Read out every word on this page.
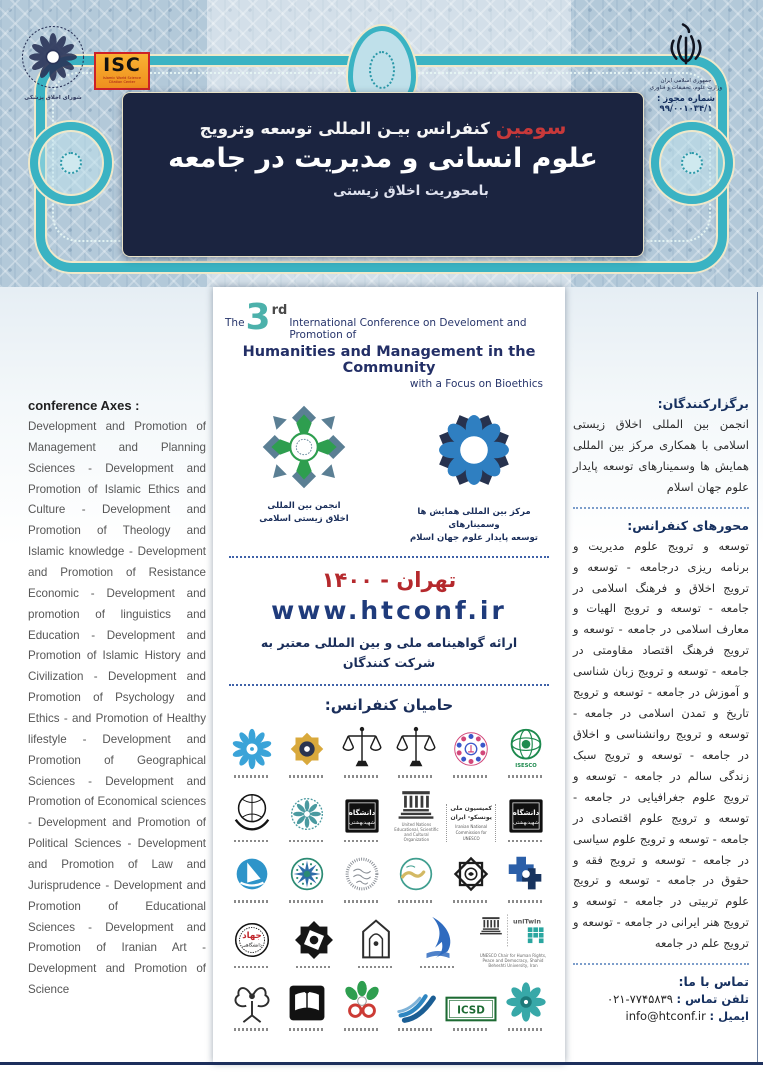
شورای اخلاق پزشکی
ISC
Islamic World Science Citation Center	جمهوری اسلامی ایران
وزارت علوم، تحقیقات و فناوری
شماره مجوز : ۹۹/۰۰۱۰۳۴/۱
سومین کنفرانس بیـن المللی توسعه وترویج
علوم انسانی و مدیریت در جامعه
بامحوریت اخلاق زیستی
conference Axes :

Development and Promotion of Management and Planning Sciences - Development and Promotion of Islamic Ethics and Culture - Development and Promotion of Theology and Islamic knowledge - Development and Promotion of Resistance Economic - Development and promotion of linguistics and Education - Development and Promotion of Islamic History and Civilization - Development and Promotion of Psychology and Ethics - and Promotion of Healthy lifestyle - Development and Promotion of Geographical Sciences - Development and Promotion of Economical sciences - Development and Promotion of Political Sciences - Development and Promotion of Law and Jurisprudence - Development and Promotion of Educational Sciences - Development and Promotion of Iranian Art - Development and Promotion of Science

برگزارکنندگان:

انجمن بین المللی اخلاق زیستی اسلامی با همکاری مرکز بین المللی همایش ها وسمینارهای توسعه پایدار علوم جهان اسلام

محورهای کنفرانس:

توسعه و ترویج علوم مدیریت و برنامه ریزی درجامعه - توسعه و ترویج اخلاق و فرهنگ اسلامی در جامعه - توسعه و ترویج الهیات و معارف اسلامی در جامعه - توسعه و ترویج فرهنگ اقتصاد مقاومتی در جامعه - توسعه و ترویج زبان شناسی و آموزش در جامعه - توسعه و ترویج تاریخ و تمدن اسلامی در جامعه - توسعه و ترویج روانشناسی و اخلاق در جامعه - توسعه و ترویج سبک زندگی سالم در جامعه - توسعه و ترویج علوم جغرافیایی در جامعه - توسعه و ترویج علوم اقتصادی در جامعه - توسعه و ترویج علوم سیاسی در جامعه - توسعه و ترویج فقه و حقوق در جامعه - توسعه و ترویج علوم تربیتی در جامعه - توسعه و ترویج هنر ایرانی در جامعه - توسعه و ترویج علم در جامعه

تماس با ما:
تلفن تماس : ۰۲۱-۷۷۴۵۸۳۹
ایمیل : info@htconf.ir
The 3 rd
International Conference on Develoment and Promotion of
Humanities and Management in the Community
with a Focus on Bioethics
انجمن بین المللی
اخلاق زیستی اسلامی
مرکز بین المللی همایش ها وسمینارهای
توسعه پایدار علوم جهان اسلام
تهران - ۱۴۰۰
www.htconf.ir
ارائه گواهینامه ملی و بین المللی معتبر به
شرکت کنندگان
حامیان کنفرانس:
ISESCO
دانشگاه
شهیدبهشتی	United Nations Educational, Scientific and Cultural Organization
کمیسیون ملی یونسکو- ایران
Iranian National Commission for UNESCO
دانشگاه
شهیدبهشتی
جهاد
دانشگاهی
uniTwin
UNESCO Chair for Human Rights, Peace and Democracy, Shahid Beheshti University, Iran
ICSD
